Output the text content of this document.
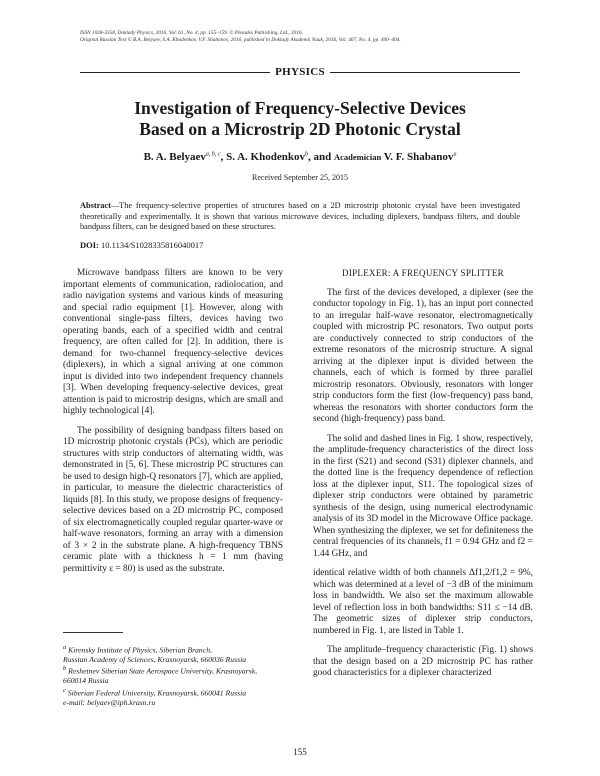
ISSN 1028-3358, Doklady Physics, 2016, Vol. 61, No. 4, pp. 155–159. © Pleiades Publishing, Ltd., 2016.
Original Russian Text © B.A. Belyaev, S.A. Khodenkov, V.F. Shabanov, 2016, published in Doklady Akademii Nauk, 2016, Vol. 467, No. 4, pp. 400–404.
PHYSICS
Investigation of Frequency-Selective Devices
Based on a Microstrip 2D Photonic Crystal
B. A. Belyaev$^{a, b, c}$, S. A. Khodenkov$^b$, and Academician V. F. Shabanov$^a$
Received September 25, 2015
Abstract—The frequency-selective properties of structures based on a 2D microstrip photonic crystal have been investigated theoretically and experimentally. It is shown that various microwave devices, including diplexers, bandpass filters, and double bandpass filters, can be designed based on these structures.
DOI: 10.1134/S1028335816040017

Microwave bandpass filters are known to be very important elements of communication, radiolocation, and radio navigation systems and various kinds of measuring and special radio equipment [1]. However, along with conventional single-pass filters, devices having two operating bands, each of a specified width and central frequency, are often called for [2]. In addition, there is demand for two-channel frequency-selective devices (diplexers), in which a signal arriving at one common input is divided into two independent frequency channels [3]. When developing frequency-selective devices, great attention is paid to microstrip designs, which are small and highly technological [4].

The possibility of designing bandpass filters based on 1D microstrip photonic crystals (PCs), which are periodic structures with strip conductors of alternating width, was demonstrated in [5, 6]. These microstrip PC structures can be used to design high-Q resonators [7], which are applied, in particular, to measure the dielectric characteristics of liquids [8]. In this study, we propose designs of frequency-selective devices based on a 2D microstrip PC, composed of six electromagnetically coupled regular quarter-wave or half-wave resonators, forming an array with a dimension of 3 × 2 in the substrate plane. A high-frequency TBNS ceramic plate with a thickness h = 1 mm (having permittivity ε = 80) is used as the substrate.

DIPLEXER: A FREQUENCY SPLITTER

The first of the devices developed, a diplexer (see the conductor topology in Fig. 1), has an input port connected to an irregular half-wave resonator, electromagnetically coupled with microstrip PC resonators. Two output ports are conductively connected to strip conductors of the extreme resonators of the microstrip structure. A signal arriving at the diplexer input is divided between the channels, each of which is formed by three parallel microstrip resonators. Obviously, resonators with longer strip conductors form the first (low-frequency) pass band, whereas the resonators with shorter conductors form the second (high-frequency) pass band.

The solid and dashed lines in Fig. 1 show, respectively, the amplitude-frequency characteristics of the direct loss in the first (S21) and second (S31) diplexer channels, and the dotted line is the frequency dependence of reflection loss at the diplexer input, S11. The topological sizes of diplexer strip conductors were obtained by parametric synthesis of the design, using numerical electrodynamic analysis of its 3D model in the Microwave Office package. When synthesizing the diplexer, we set for definiteness the central frequencies of its channels, f1 = 0.94 GHz and f2 = 1.44 GHz, and

identical relative width of both channels Δf1,2/f1,2 = 9%, which was determined at a level of −3 dB of the minimum loss in bandwidth. We also set the maximum allowable level of reflection loss in both bandwidths: S11 ≤ −14 dB. The geometric sizes of diplexer strip conductors, numbered in Fig. 1, are listed in Table 1.

The amplitude–frequency characteristic (Fig. 1) shows that the design based on a 2D microstrip PC has rather good characteristics for a diplexer characterized

$^a$ Kirensky Institute of Physics, Siberian Branch,

Russian Academy of Sciences, Krasnoyarsk, 660036 Russia

$^b$ Reshetnev Siberian State Aerospace University, Krasnoyarsk,

660014 Russia

$^c$ Siberian Federal University, Krasnoyarsk, 660041 Russia

e-mail: belyaev@iph.krasn.ru

155
